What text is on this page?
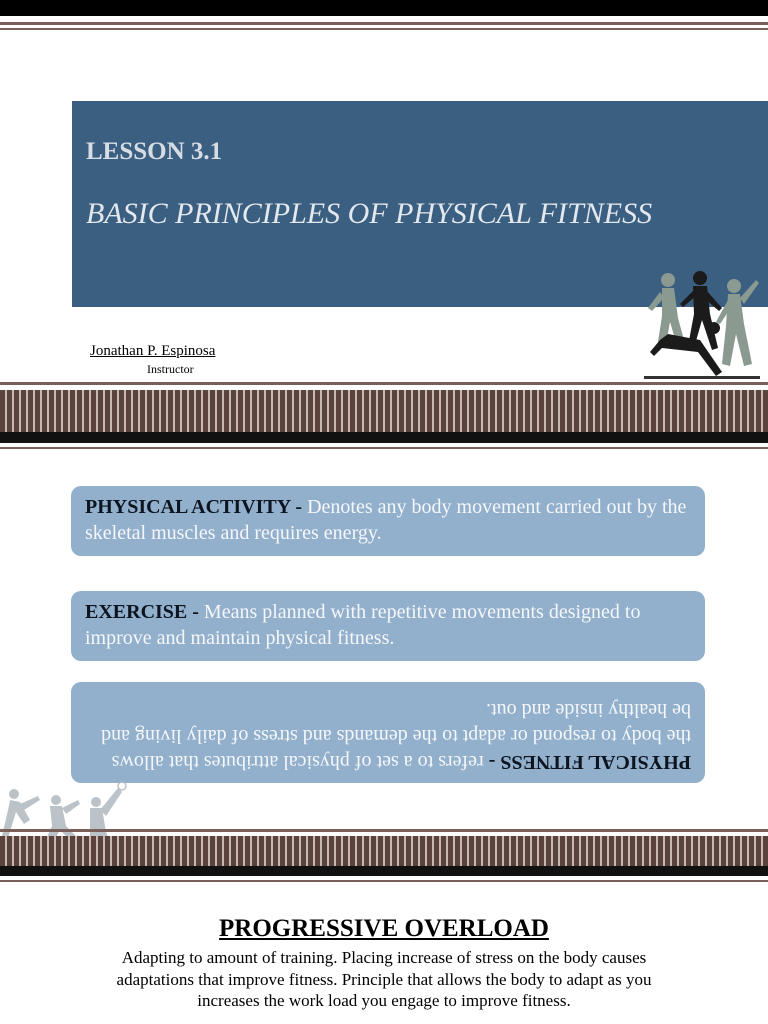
LESSON 3.1
BASIC PRINCIPLES OF PHYSICAL FITNESS
Jonathan P. Espinosa
Instructor
PHYSICAL ACTIVITY - Denotes any body movement carried out by the skeletal muscles and requires energy.
EXERCISE - Means planned with repetitive movements designed to improve and maintain physical fitness.
PHYSICAL FITNESS - refers to a set of physical attributes that allows the body to respond or adapt to the demands and stress of daily living and be healthy inside and out.
PROGRESSIVE OVERLOAD
Adapting to amount of training. Placing increase of stress on the body causes adaptations that improve fitness. Principle that allows the body to adapt as you increases the work load you engage to improve fitness.
